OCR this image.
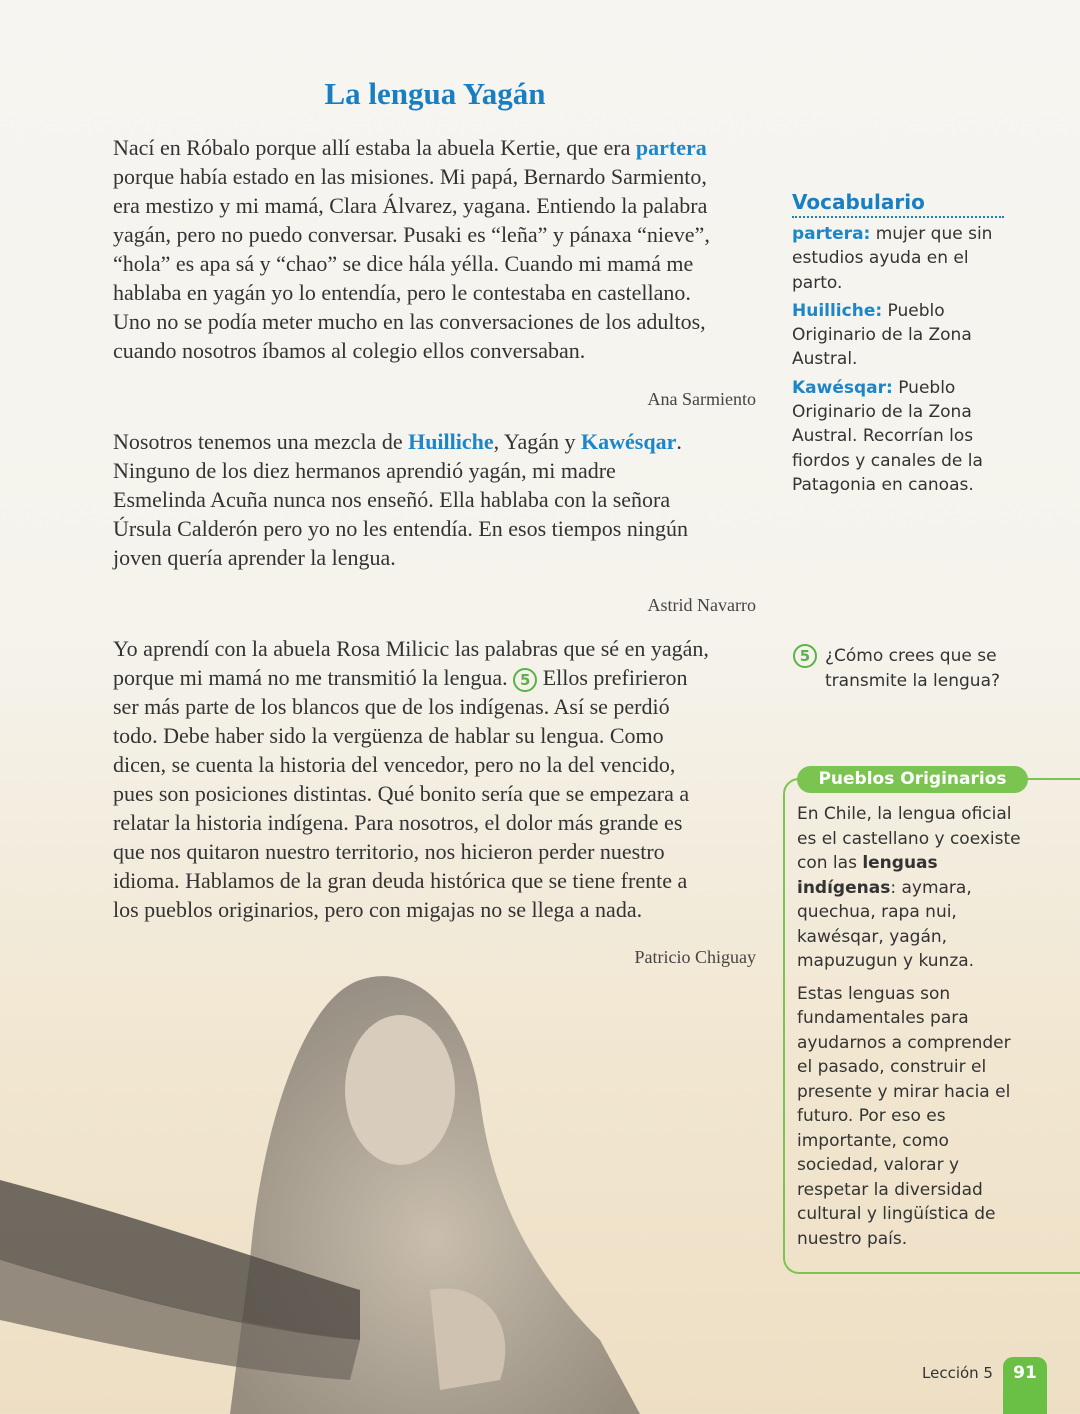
La lengua Yagán
Nací en Róbalo porque allí estaba la abuela Kertie, que era partera
porque había estado en las misiones. Mi papá, Bernardo Sarmiento,
era mestizo y mi mamá, Clara Álvarez, yagana. Entiendo la palabra
yagán, pero no puedo conversar. Pusaki es “leña” y pánaxa “nieve”,
“hola” es apa sá y “chao” se dice hála yélla. Cuando mi mamá me
hablaba en yagán yo lo entendía, pero le contestaba en castellano.
Uno no se podía meter mucho en las conversaciones de los adultos,
cuando nosotros íbamos al colegio ellos conversaban.
Ana Sarmiento
Nosotros tenemos una mezcla de Huilliche, Yagán y Kawésqar.
Ninguno de los diez hermanos aprendió yagán, mi madre
Esmelinda Acuña nunca nos enseñó. Ella hablaba con la señora
Úrsula Calderón pero yo no les entendía. En esos tiempos ningún
joven quería aprender la lengua.
Astrid Navarro
Yo aprendí con la abuela Rosa Milicic las palabras que sé en yagán,
porque mi mamá no me transmitió la lengua. 5 Ellos prefirieron
ser más parte de los blancos que de los indígenas. Así se perdió
todo. Debe haber sido la vergüenza de hablar su lengua. Como
dicen, se cuenta la historia del vencedor, pero no la del vencido,
pues son posiciones distintas. Qué bonito sería que se empezara a
relatar la historia indígena. Para nosotros, el dolor más grande es
que nos quitaron nuestro territorio, nos hicieron perder nuestro
idioma. Hablamos de la gran deuda histórica que se tiene frente a
los pueblos originarios, pero con migajas no se llega a nada.
Patricio Chiguay
Vocabulario

partera: mujer que sin estudios ayuda en el parto.

Huilliche: Pueblo Originario de la Zona Austral.

Kawésqar: Pueblo Originario de la Zona Austral. Recorrían los fiordos y canales de la Patagonia en canoas.

5 ¿Cómo crees que se transmite la lengua?
Pueblos Originarios

En Chile, la lengua oficial es el castellano y coexiste con las lenguas indígenas: aymara, quechua, rapa nui, kawésqar, yagán, mapuzugun y kunza.

Estas lenguas son fundamentales para ayudarnos a comprender el pasado, construir el presente y mirar hacia el futuro. Por eso es importante, como sociedad, valorar y respetar la diversidad cultural y lingüística de nuestro país.

Lección 5	91
